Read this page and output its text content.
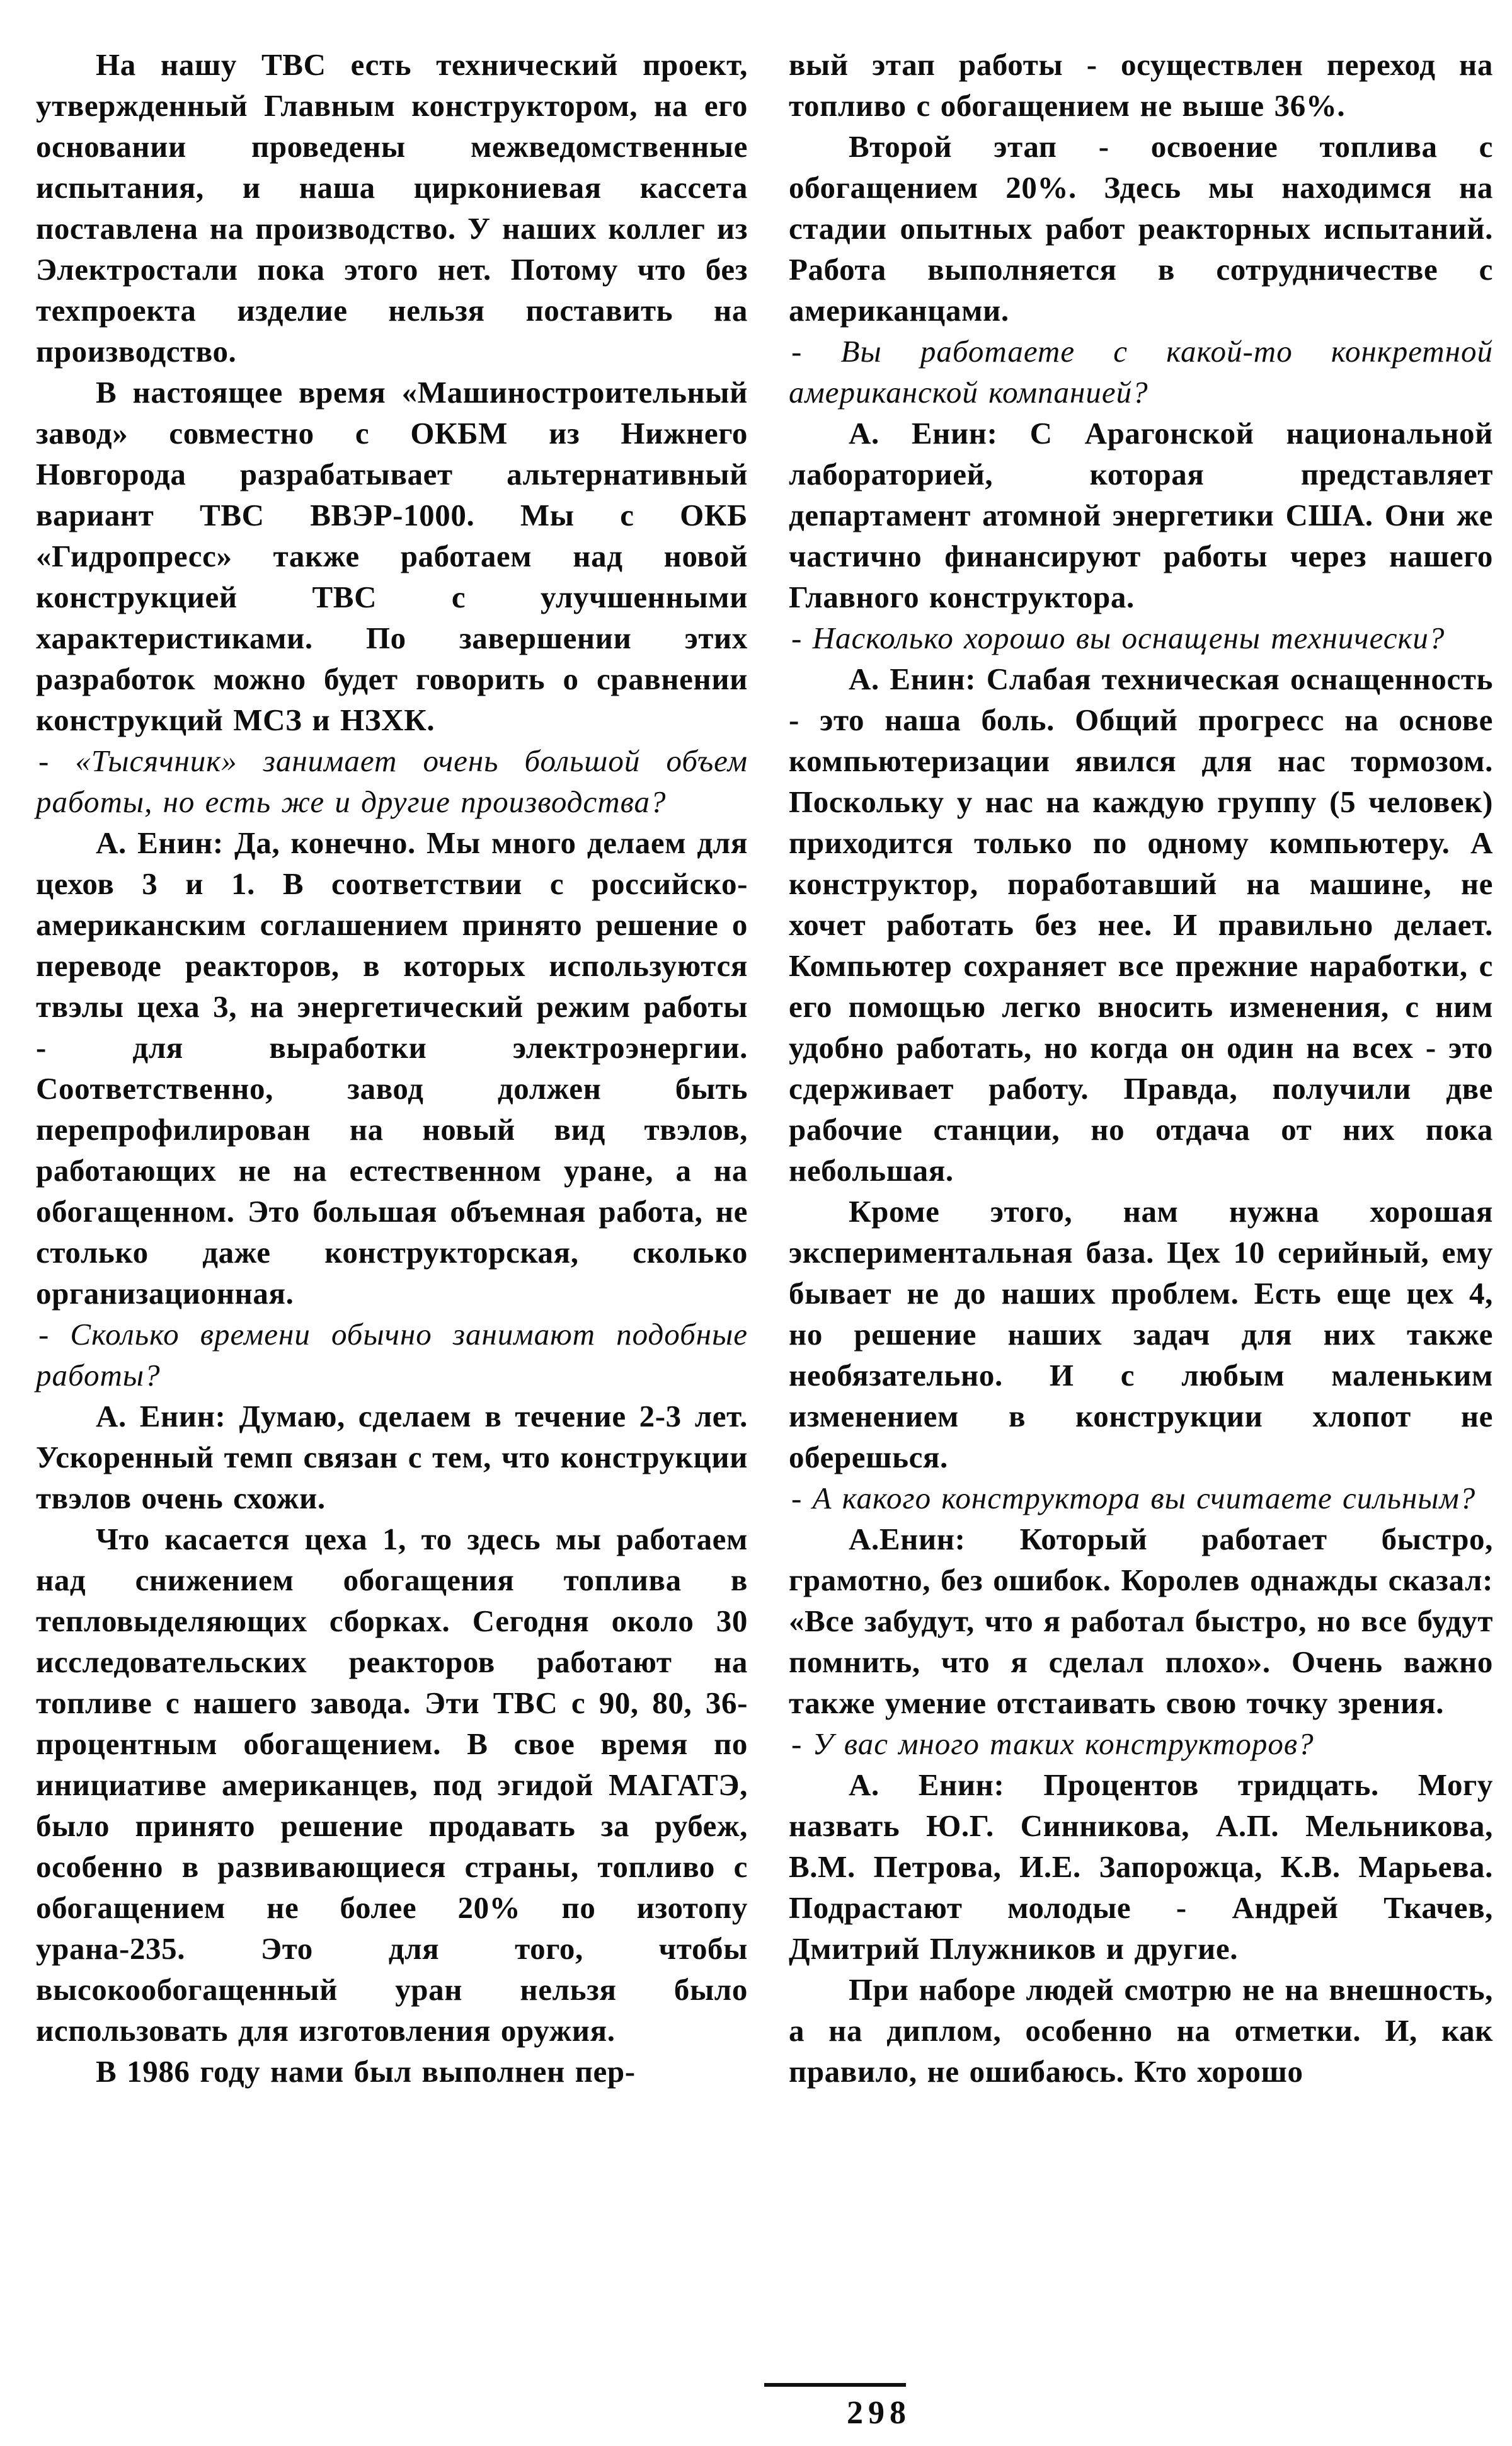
На нашу ТВС есть технический проект, утвержденный Главным конструктором, на его основании проведены межведомственные испытания, и наша циркониевая кассета поставлена на производство. У наших коллег из Электростали пока этого нет. Потому что без техпроекта изделие нельзя поставить на производство.

В настоящее время «Машиностроительный завод» совместно с ОКБМ из Нижнего Новгорода разрабатывает альтернативный вариант ТВС ВВЭР-1000. Мы с ОКБ «Гидропресс» также работаем над новой конструкцией ТВС с улучшенными характеристиками. По завершении этих разработок можно будет говорить о сравнении конструкций МСЗ и НЗХК.

- «Тысячник» занимает очень большой объем работы, но есть же и другие производства?

А. Енин: Да, конечно. Мы много делаем для цехов 3 и 1. В соответствии с российско-американским соглашением принято решение о переводе реакторов, в которых используются твэлы цеха 3, на энергетический режим работы - для выработки электроэнергии. Соответственно, завод должен быть перепрофилирован на новый вид твэлов, работающих не на естественном уране, а на обогащенном. Это большая объемная работа, не столько даже конструкторская, сколько организационная.

- Сколько времени обычно занимают подобные работы?

А. Енин: Думаю, сделаем в течение 2-3 лет. Ускоренный темп связан с тем, что конструкции твэлов очень схожи.

Что касается цеха 1, то здесь мы работаем над снижением обогащения топлива в тепловыделяющих сборках. Сегодня около 30 исследовательских реакторов работают на топливе с нашего завода. Эти ТВС с 90, 80, 36-процентным обогащением. В свое время по инициативе американцев, под эгидой МАГАТЭ, было принято решение продавать за рубеж, особенно в развивающиеся страны, топливо с обогащением не более 20% по изотопу урана-235. Это для того, чтобы высокообогащенный уран нельзя было использовать для изготовления оружия.

В 1986 году нами был выполнен пер-

вый этап работы - осуществлен переход на топливо с обогащением не выше 36%.

Второй этап - освоение топлива с обогащением 20%. Здесь мы находимся на стадии опытных работ реакторных испытаний. Работа выполняется в сотрудничестве с американцами.

- Вы работаете с какой-то конкретной американской компанией?

А. Енин: С Арагонской национальной лабораторией, которая представляет департамент атомной энергетики США. Они же частично финансируют работы через нашего Главного конструктора.

- Насколько хорошо вы оснащены технически?

А. Енин: Слабая техническая оснащенность - это наша боль. Общий прогресс на основе компьютеризации явился для нас тормозом. Поскольку у нас на каждую группу (5 человек) приходится только по одному компьютеру. А конструктор, поработавший на машине, не хочет работать без нее. И правильно делает. Компьютер сохраняет все прежние наработки, с его помощью легко вносить изменения, с ним удобно работать, но когда он один на всех - это сдерживает работу. Правда, получили две рабочие станции, но отдача от них пока небольшая.

Кроме этого, нам нужна хорошая экспериментальная база. Цех 10 серийный, ему бывает не до наших проблем. Есть еще цех 4, но решение наших задач для них также необязательно. И с любым маленьким изменением в конструкции хлопот не оберешься.

- А какого конструктора вы считаете сильным?

А.Енин: Который работает быстро, грамотно, без ошибок. Королев однажды сказал: «Все забудут, что я работал быстро, но все будут помнить, что я сделал плохо». Очень важно также умение отстаивать свою точку зрения.

- У вас много таких конструкторов?

А. Енин: Процентов тридцать. Могу назвать Ю.Г. Синникова, А.П. Мельникова, В.М. Петрова, И.Е. Запорожца, К.В. Марьева. Подрастают молодые - Андрей Ткачев, Дмитрий Плужников и другие.

При наборе людей смотрю не на внешность, а на диплом, особенно на отметки. И, как правило, не ошибаюсь. Кто хорошо

298
